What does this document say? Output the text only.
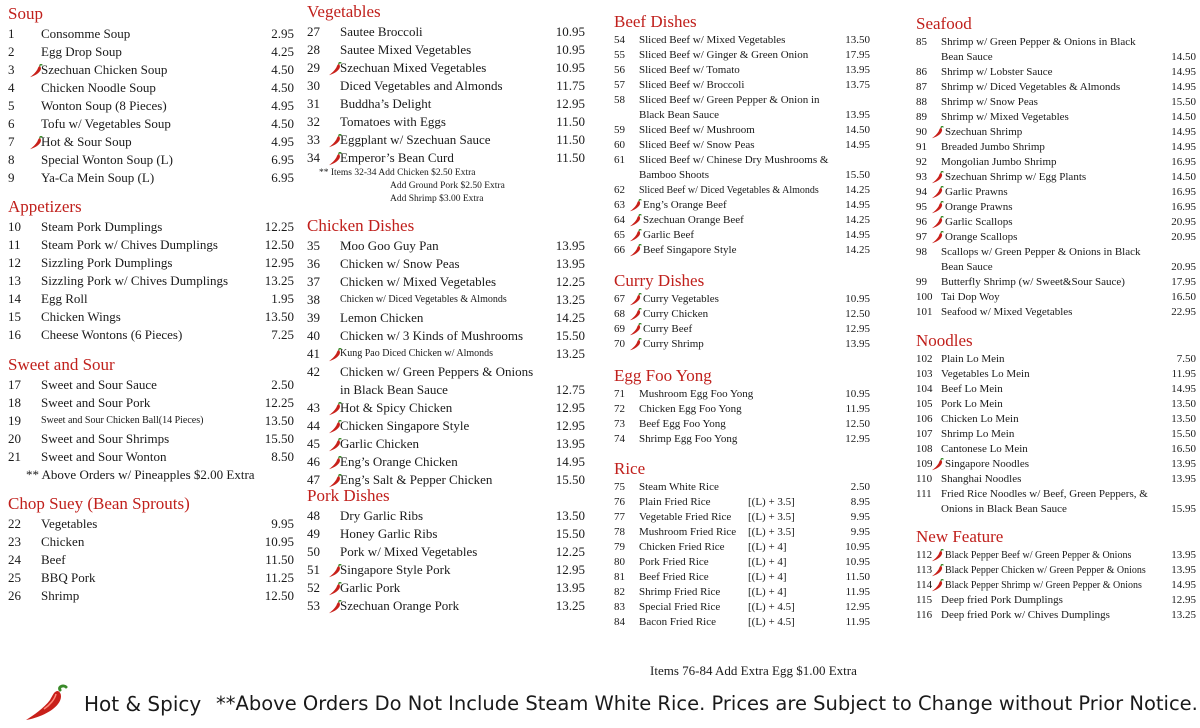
Soup
1	Consomme Soup	2.95
2	Egg Drop Soup	4.25
3	Szechuan Chicken Soup	4.50
4	Chicken Noodle Soup	4.50
5	Wonton Soup (8 Pieces)	4.95
6	Tofu w/ Vegetables Soup	4.50
7	Hot & Sour Soup	4.95
8	Special Wonton Soup (L)	6.95
9	Ya-Ca Mein Soup (L)	6.95
Appetizers
10	Steam Pork Dumplings	12.25
11	Steam Pork w/ Chives Dumplings	12.50
12	Sizzling Pork Dumplings	12.95
13	Sizzling Pork w/ Chives Dumplings	13.25
14	Egg Roll	1.95
15	Chicken Wings	13.50
16	Cheese Wontons (6 Pieces)	7.25
Sweet and Sour
17	Sweet and Sour Sauce	2.50
18	Sweet and Sour Pork	12.25
19	Sweet and Sour Chicken Ball(14 Pieces)	13.50
20	Sweet and Sour Shrimps	15.50
21	Sweet and Sour Wonton	8.50
** Above Orders w/ Pineapples $2.00 Extra
Chop Suey (Bean Sprouts)
22	Vegetables	9.95
23	Chicken	10.95
24	Beef	11.50
25	BBQ Pork	11.25
26	Shrimp	12.50
Vegetables
27	Sautee Broccoli	10.95
28	Sautee Mixed Vegetables	10.95
29	Szechuan Mixed Vegetables	10.95
30	Diced Vegetables and Almonds	11.75
31	Buddha’s Delight	12.95
32	Tomatoes with Eggs	11.50
33	Eggplant w/ Szechuan Sauce	11.50
34	Emperor’s Bean Curd	11.50
** Items 32-34 Add Chicken $2.50 Extra
Add Ground Pork $2.50 Extra
Add Shrimp $3.00 Extra
Chicken Dishes
35	Moo Goo Guy Pan	13.95
36	Chicken w/ Snow Peas	13.95
37	Chicken w/ Mixed Vegetables	12.25
38	Chicken w/ Diced Vegetables & Almonds	13.25
39	Lemon Chicken	14.25
40	Chicken w/ 3 Kinds of Mushrooms	15.50
41	Kung Pao Diced Chicken w/ Almonds	13.25
42	Chicken w/ Green Peppers & Onions in Black Bean Sauce	12.75
43	Hot & Spicy Chicken	12.95
44	Chicken Singapore Style	12.95
45	Garlic Chicken	13.95
46	Eng’s Orange Chicken	14.95
47	Eng’s Salt & Pepper Chicken	15.50
Pork Dishes
48	Dry Garlic Ribs	13.50
49	Honey Garlic Ribs	15.50
50	Pork w/ Mixed Vegetables	12.25
51	Singapore Style Pork	12.95
52	Garlic Pork	13.95
53	Szechuan Orange Pork	13.25
Beef Dishes
54	Sliced Beef w/ Mixed Vegetables	13.50
55	Sliced Beef w/ Ginger & Green Onion	17.95
56	Sliced Beef w/ Tomato	13.95
57	Sliced Beef w/ Broccoli	13.75
58	Sliced Beef w/ Green Pepper & Onion in Black Bean Sauce	13.95
59	Sliced Beef w/ Mushroom	14.50
60	Sliced Beef w/ Snow Peas	14.95
61	Sliced Beef w/ Chinese Dry Mushrooms & Bamboo Shoots	15.50
62	Sliced Beef w/ Diced Vegetables & Almonds	14.25
63	Eng’s Orange Beef	14.95
64	Szechuan Orange Beef	14.25
65	Garlic Beef	14.95
66	Beef Singapore Style	14.25
Curry Dishes
67	Curry Vegetables	10.95
68	Curry Chicken	12.50
69	Curry Beef	12.95
70	Curry Shrimp	13.95
Egg Foo Yong
71	Mushroom Egg Foo Yong	10.95
72	Chicken Egg Foo Yong	11.95
73	Beef Egg Foo Yong	12.50
74	Shrimp Egg Foo Yong	12.95
Rice
75	Steam White Rice	2.50
76	Plain Fried Rice	[(L) + 3.5]	8.95
77	Vegetable Fried Rice	[(L) + 3.5]	9.95
78	Mushroom Fried Rice	[(L) + 3.5]	9.95
79	Chicken Fried Rice	[(L) + 4]	10.95
80	Pork Fried Rice	[(L) + 4]	10.95
81	Beef Fried Rice	[(L) + 4]	11.50
82	Shrimp Fried Rice	[(L) + 4]	11.95
83	Special Fried Rice	[(L) + 4.5]	12.95
84	Bacon Fried Rice	[(L) + 4.5]	11.95
Seafood
85	Shrimp w/ Green Pepper & Onions in Black Bean Sauce	14.50
86	Shrimp w/ Lobster Sauce	14.95
87	Shrimp w/ Diced Vegetables & Almonds	14.95
88	Shrimp w/ Snow Peas	15.50
89	Shrimp w/ Mixed Vegetables	14.50
90	Szechuan Shrimp	14.95
91	Breaded Jumbo Shrimp	14.95
92	Mongolian Jumbo Shrimp	16.95
93	Szechuan Shrimp w/ Egg Plants	14.50
94	Garlic Prawns	16.95
95	Orange Prawns	16.95
96	Garlic Scallops	20.95
97	Orange Scallops	20.95
98	Scallops w/ Green Pepper & Onions in Black Bean Sauce	20.95
99	Butterfly Shrimp (w/ Sweet&Sour Sauce)	17.95
100 Tai Dop Woy	16.50
101 Seafood w/ Mixed Vegetables	22.95
Noodles
102 Plain Lo Mein	7.50
103 Vegetables Lo Mein	11.95
104 Beef Lo Mein	14.95
105 Pork Lo Mein	13.50
106 Chicken Lo Mein	13.50
107 Shrimp Lo Mein	15.50
108 Cantonese Lo Mein	16.50
109	Singapore Noodles	13.95
110 Shanghai Noodles	13.95
111 Fried Rice Noodles w/ Beef, Green Peppers, & Onions in Black Bean Sauce	15.95
New Feature
112	Black Pepper Beef w/ Green Pepper & Onions	13.95
113	Black Pepper Chicken w/ Green Pepper & Onions	13.95
114	Black Pepper Shrimp w/ Green Pepper & Onions	14.95
115 Deep fried Pork Dumplings	12.95
116 Deep fried Pork w/ Chives Dumplings	13.25
Items 76-84 Add Extra Egg $1.00 Extra
Hot & Spicy **Above Orders Do Not Include Steam White Rice. Prices are Subject to Change without Prior Notice.
